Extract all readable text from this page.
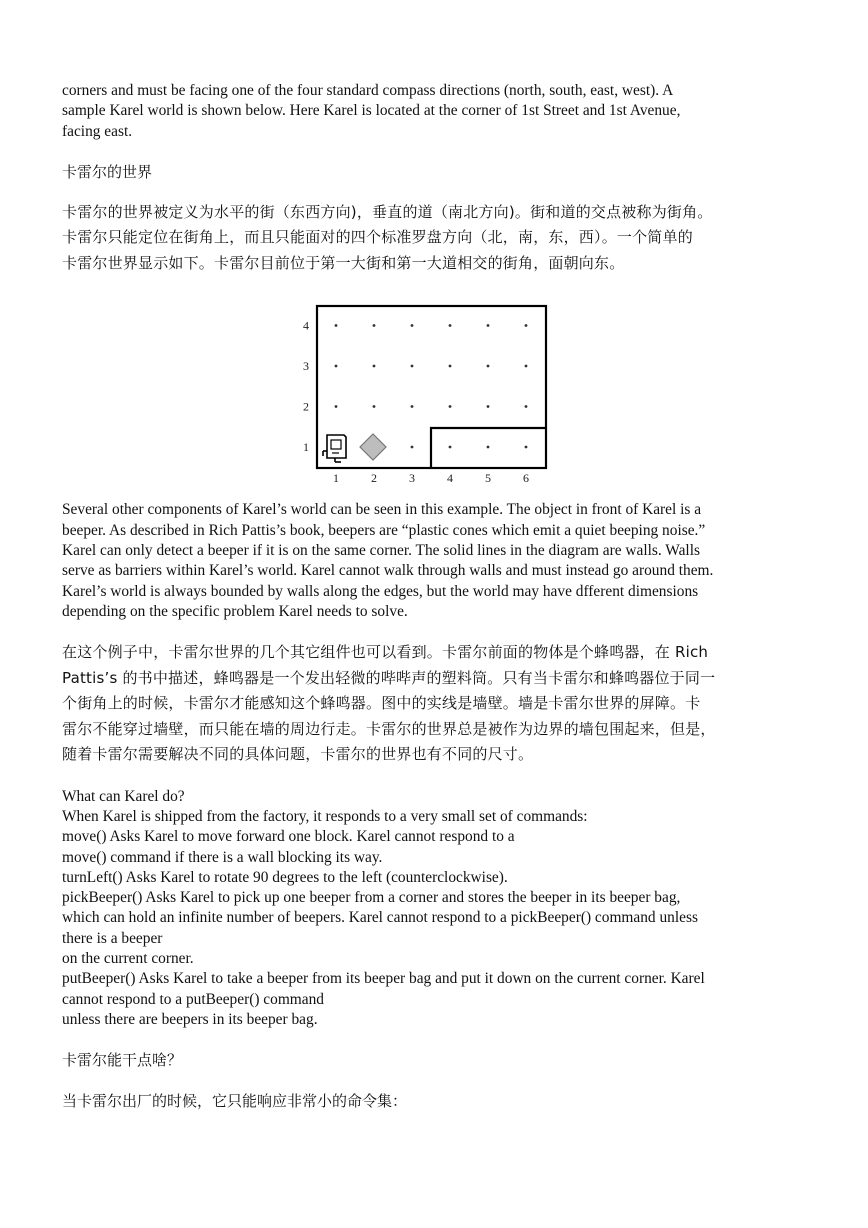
corners and must be facing one of the four standard compass directions (north, south, east, west). A
sample Karel world is shown below. Here Karel is located at the corner of 1st Street and 1st Avenue,
facing east.

卡雷尔的世界

卡雷尔的世界被定义为水平的街（东西方向)，垂直的道（南北方向)。街和道的交点被称为街角。
卡雷尔只能定位在街角上，而且只能面对的四个标准罗盘方向（北，南，东，西）。一个简单的
卡雷尔世界显示如下。卡雷尔目前位于第一大街和第一大道相交的街角，面朝向东。

1	2	3	4	5	6
1
2
3
4

Several other components of Karel’s world can be seen in this example. The object in front of Karel is a
beeper. As described in Rich Pattis’s book, beepers are “plastic cones which emit a quiet beeping noise.”
Karel can only detect a beeper if it is on the same corner. The solid lines in the diagram are walls. Walls
serve as barriers within Karel’s world. Karel cannot walk through walls and must instead go around them.
Karel’s world is always bounded by walls along the edges, but the world may have dfferent dimensions
depending on the specific problem Karel needs to solve.

在这个例子中，卡雷尔世界的几个其它组件也可以看到。卡雷尔前面的物体是个蜂鸣器，在 Rich
Pattis’s 的书中描述，蜂鸣器是一个发出轻微的哔哔声的塑料筒。只有当卡雷尔和蜂鸣器位于同一
个街角上的时候，卡雷尔才能感知这个蜂鸣器。图中的实线是墙壁。墙是卡雷尔世界的屏障。卡
雷尔不能穿过墙壁，而只能在墙的周边行走。卡雷尔的世界总是被作为边界的墙包围起来，但是，
随着卡雷尔需要解决不同的具体问题，卡雷尔的世界也有不同的尺寸。

What can Karel do?
When Karel is shipped from the factory, it responds to a very small set of commands:
move() Asks Karel to move forward one block. Karel cannot respond to a
move() command if there is a wall blocking its way.
turnLeft() Asks Karel to rotate 90 degrees to the left (counterclockwise).
pickBeeper() Asks Karel to pick up one beeper from a corner and stores the beeper in its beeper bag,
which can hold an infinite number of beepers. Karel cannot respond to a pickBeeper() command unless
there is a beeper
on the current corner.
putBeeper() Asks Karel to take a beeper from its beeper bag and put it down on the current corner. Karel
cannot respond to a putBeeper() command
unless there are beepers in its beeper bag.

卡雷尔能干点啥？

当卡雷尔出厂的时候，它只能响应非常小的命令集：
